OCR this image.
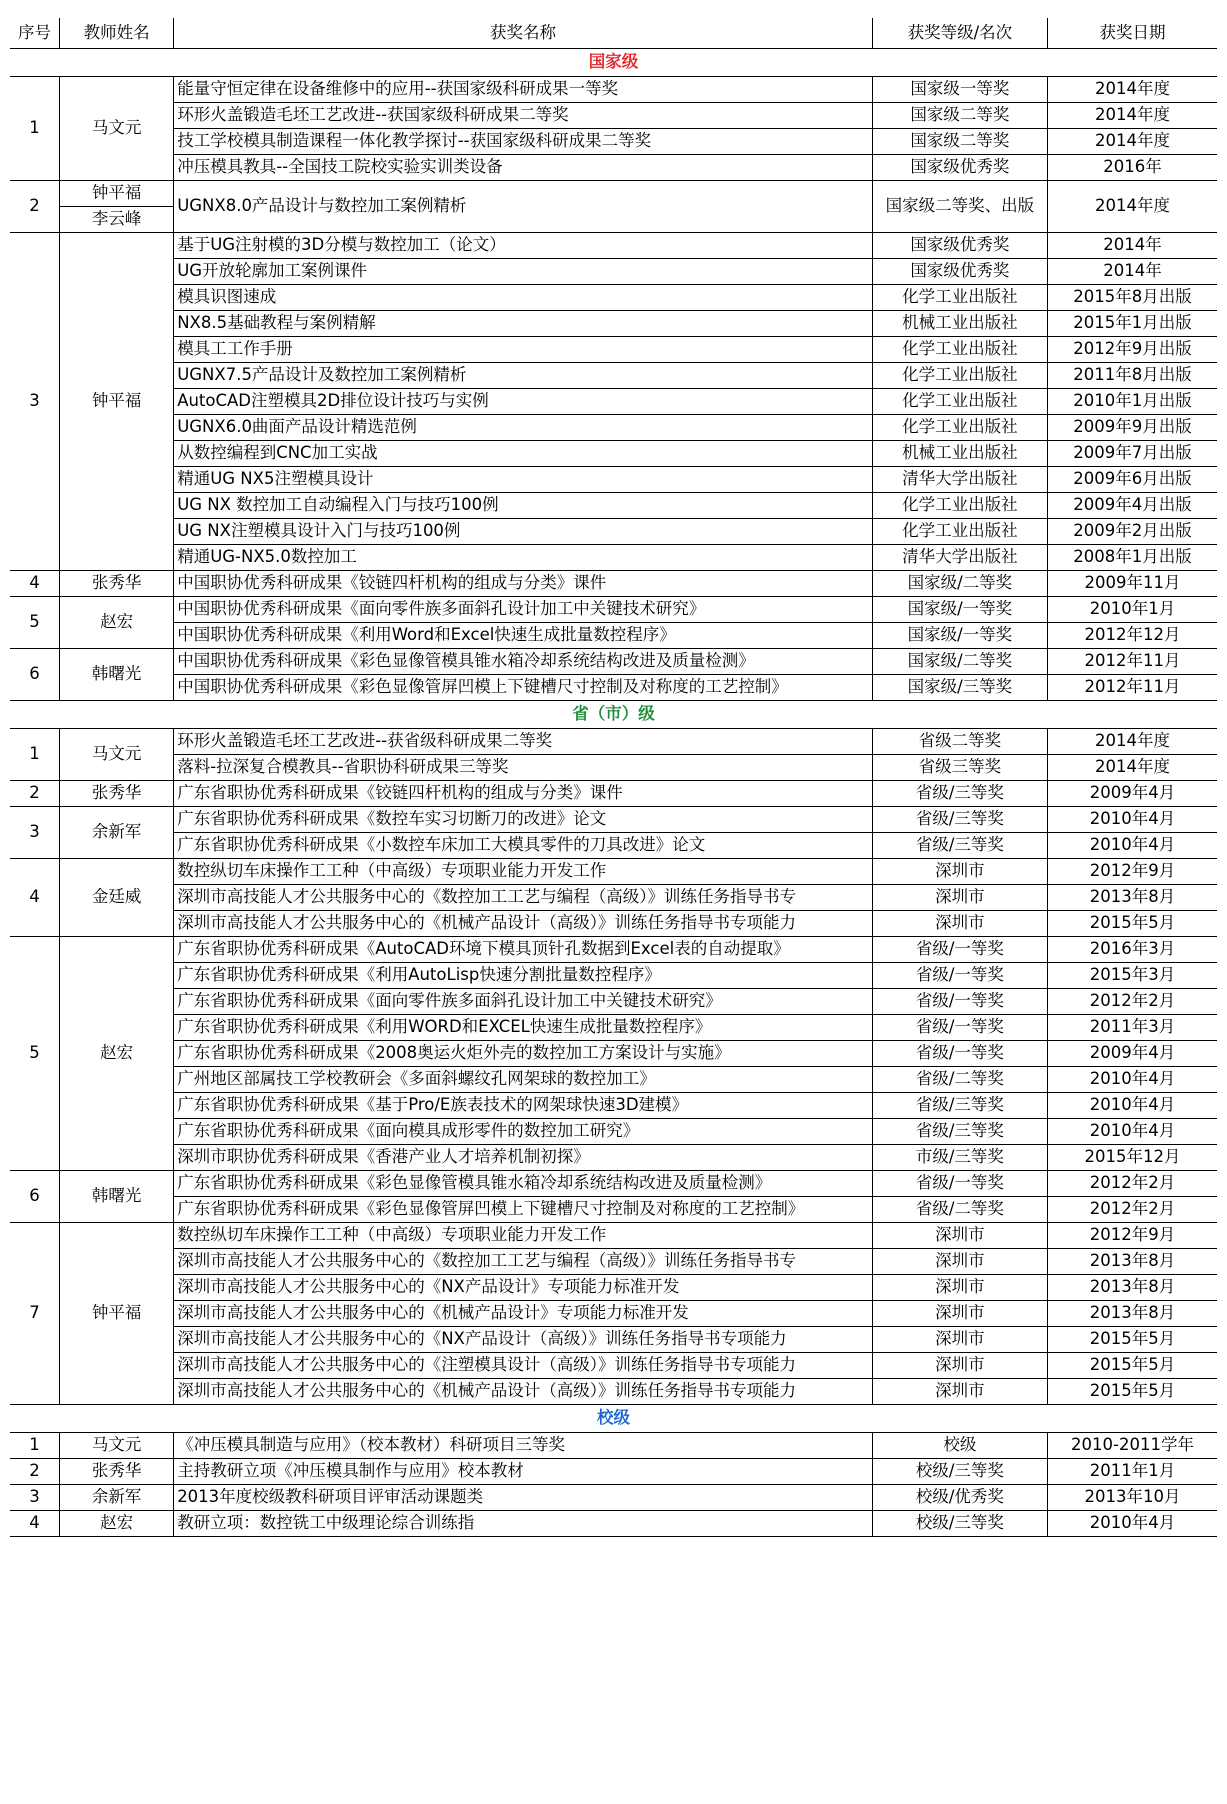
序号	教师姓名	获奖名称	获奖等级/名次	获奖日期
国家级				
1	马文元	能量守恒定律在设备维修中的应用--获国家级科研成果一等奖	国家级一等奖	2014年度
		环形火盖锻造毛坯工艺改进--获国家级科研成果二等奖	国家级二等奖	2014年度
		技工学校模具制造课程一体化教学探讨--获国家级科研成果二等奖	国家级二等奖	2014年度
		冲压模具教具--全国技工院校实验实训类设备	国家级优秀奖	2016年
2	钟平福	UGNX8.0产品设计与数控加工案例精析	国家级二等奖、出版	2014年度
	李云峰			
3	钟平福	基于UG注射模的3D分模与数控加工（论文）	国家级优秀奖	2014年
		UG开放轮廓加工案例课件	国家级优秀奖	2014年
		模具识图速成	化学工业出版社	2015年8月出版
		NX8.5基础教程与案例精解	机械工业出版社	2015年1月出版
		模具工工作手册	化学工业出版社	2012年9月出版
		UGNX7.5产品设计及数控加工案例精析	化学工业出版社	2011年8月出版
		AutoCAD注塑模具2D排位设计技巧与实例	化学工业出版社	2010年1月出版
		UGNX6.0曲面产品设计精选范例	化学工业出版社	2009年9月出版
		从数控编程到CNC加工实战	机械工业出版社	2009年7月出版
		精通UG NX5注塑模具设计	清华大学出版社	2009年6月出版
		UG NX 数控加工自动编程入门与技巧100例	化学工业出版社	2009年4月出版
		UG NX注塑模具设计入门与技巧100例	化学工业出版社	2009年2月出版
		精通UG-NX5.0数控加工	清华大学出版社	2008年1月出版
4	张秀华	中国职协优秀科研成果《铰链四杆机构的组成与分类》课件	国家级/二等奖	2009年11月
5	赵宏	中国职协优秀科研成果《面向零件族多面斜孔设计加工中关键技术研究》	国家级/一等奖	2010年1月
		中国职协优秀科研成果《利用Word和Excel快速生成批量数控程序》	国家级/一等奖	2012年12月
6	韩曙光	中国职协优秀科研成果《彩色显像管模具锥水箱冷却系统结构改进及质量检测》	国家级/二等奖	2012年11月
		中国职协优秀科研成果《彩色显像管屏凹模上下键槽尺寸控制及对称度的工艺控制》	国家级/三等奖	2012年11月
省（市）级				
1	马文元	环形火盖锻造毛坯工艺改进--获省级科研成果二等奖	省级二等奖	2014年度
		落料-拉深复合模教具--省职协科研成果三等奖	省级三等奖	2014年度
2	张秀华	广东省职协优秀科研成果《铰链四杆机构的组成与分类》课件	省级/三等奖	2009年4月
3	余新军	广东省职协优秀科研成果《数控车实习切断刀的改进》论文	省级/三等奖	2010年4月
		广东省职协优秀科研成果《小数控车床加工大模具零件的刀具改进》论文	省级/三等奖	2010年4月
4	金廷威	数控纵切车床操作工工种（中高级）专项职业能力开发工作	深圳市	2012年9月
		深圳市高技能人才公共服务中心的《数控加工工艺与编程（高级）》训练任务指导书专	深圳市	2013年8月
		深圳市高技能人才公共服务中心的《机械产品设计（高级）》训练任务指导书专项能力	深圳市	2015年5月
5	赵宏	广东省职协优秀科研成果《AutoCAD环境下模具顶针孔数据到Excel表的自动提取》	省级/一等奖	2016年3月
		广东省职协优秀科研成果《利用AutoLisp快速分割批量数控程序》	省级/一等奖	2015年3月
		广东省职协优秀科研成果《面向零件族多面斜孔设计加工中关键技术研究》	省级/一等奖	2012年2月
		广东省职协优秀科研成果《利用WORD和EXCEL快速生成批量数控程序》	省级/一等奖	2011年3月
		广东省职协优秀科研成果《2008奥运火炬外壳的数控加工方案设计与实施》	省级/一等奖	2009年4月
		广州地区部属技工学校教研会《多面斜螺纹孔网架球的数控加工》	省级/二等奖	2010年4月
		广东省职协优秀科研成果《基于Pro/E族表技术的网架球快速3D建模》	省级/三等奖	2010年4月
		广东省职协优秀科研成果《面向模具成形零件的数控加工研究》	省级/三等奖	2010年4月
		深圳市职协优秀科研成果《香港产业人才培养机制初探》	市级/三等奖	2015年12月
6	韩曙光	广东省职协优秀科研成果《彩色显像管模具锥水箱冷却系统结构改进及质量检测》	省级/一等奖	2012年2月
		广东省职协优秀科研成果《彩色显像管屏凹模上下键槽尺寸控制及对称度的工艺控制》	省级/二等奖	2012年2月
7	钟平福	数控纵切车床操作工工种（中高级）专项职业能力开发工作	深圳市	2012年9月
		深圳市高技能人才公共服务中心的《数控加工工艺与编程（高级）》训练任务指导书专	深圳市	2013年8月
		深圳市高技能人才公共服务中心的《NX产品设计》专项能力标准开发	深圳市	2013年8月
		深圳市高技能人才公共服务中心的《机械产品设计》专项能力标准开发	深圳市	2013年8月
		深圳市高技能人才公共服务中心的《NX产品设计（高级）》训练任务指导书专项能力	深圳市	2015年5月
		深圳市高技能人才公共服务中心的《注塑模具设计（高级）》训练任务指导书专项能力	深圳市	2015年5月
		深圳市高技能人才公共服务中心的《机械产品设计（高级）》训练任务指导书专项能力	深圳市	2015年5月
校级				
1	马文元	《冲压模具制造与应用》（校本教材）科研项目三等奖	校级	2010-2011学年
2	张秀华	主持教研立项《冲压模具制作与应用》校本教材	校级/三等奖	2011年1月
3	余新军	2013年度校级教科研项目评审活动课题类	校级/优秀奖	2013年10月
4	赵宏	教研立项：数控铣工中级理论综合训练指	校级/三等奖	2010年4月
